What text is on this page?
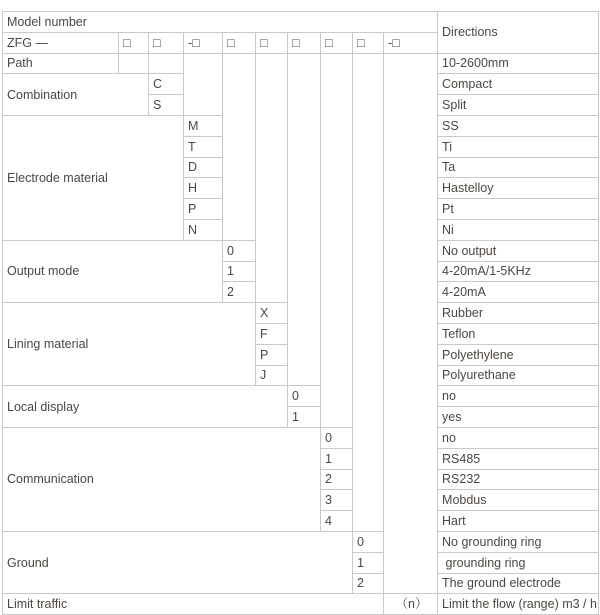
Model number										Directions
ZFG —	□	□	-□	□	□	□	□	□	-□	
Path										10-2600mm
Combination		C								Compact
		S								Split
Electrode material			M							SS
			T							Ti
			D							Ta
			H							Hastelloy
			P							Pt
			N							Ni
Output mode				0						No output
				1						4-20mA/1-5KHz
				2						4-20mA
Lining material					X					Rubber
					F					Teflon
					P					Polyethylene
					J					Polyurethane
Local display						0				no
						1				yes
Communication							0			no
							1			RS485
							2			RS232
							3			Mobdus
							4			Hart
Ground								0		No grounding ring
								1		grounding ring
								2		The ground electrode
Limit traffic									（n）	Limit the flow (range) m3 / h
